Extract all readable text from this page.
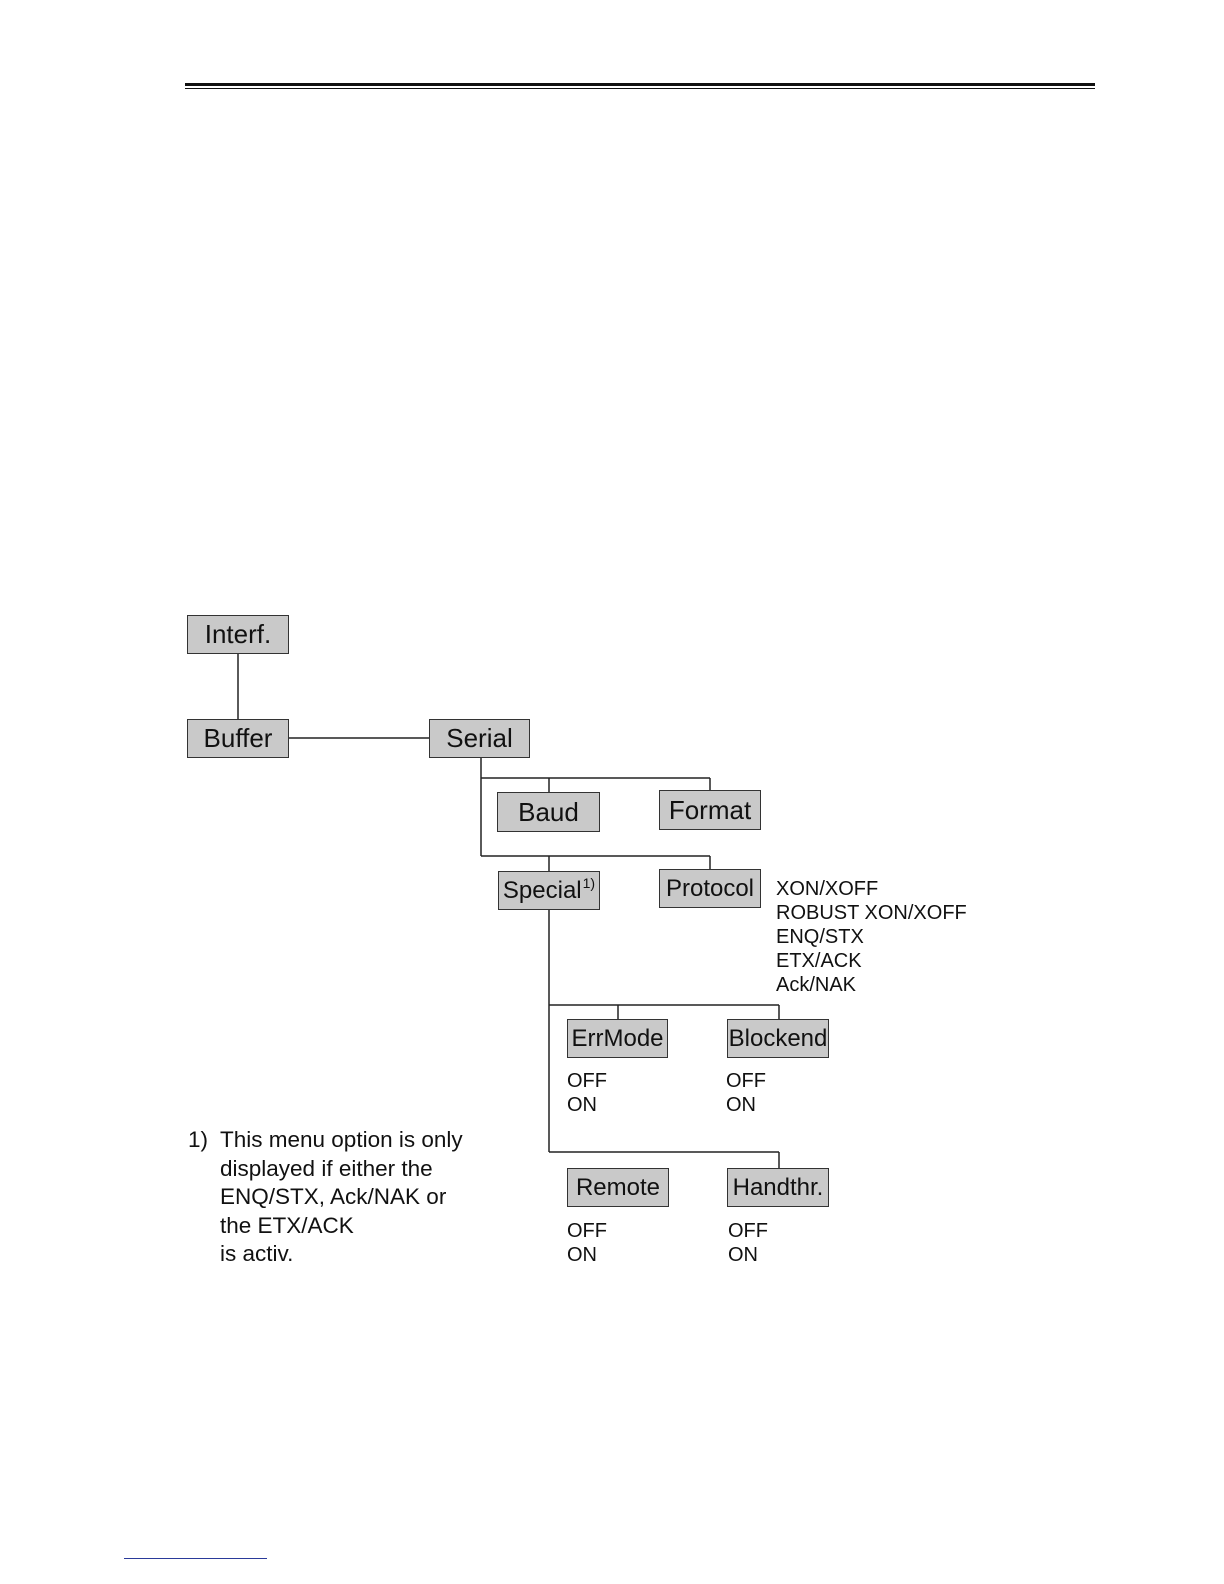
Interf.
Buffer	Serial
Baud	Format
Special$^{1)}$	Protocol	XON/XOFF
ROBUST XON/XOFF
ENQ/STX
ETX/ACK
Ack/NAK
ErrMode	Blockend
OFF
ON
OFF
ON
Remote	Handthr.
OFF
ON
OFF
ON
1) This menu option is only
displayed if either the
ENQ/STX, Ack/NAK or
the ETX/ACK
is activ.
